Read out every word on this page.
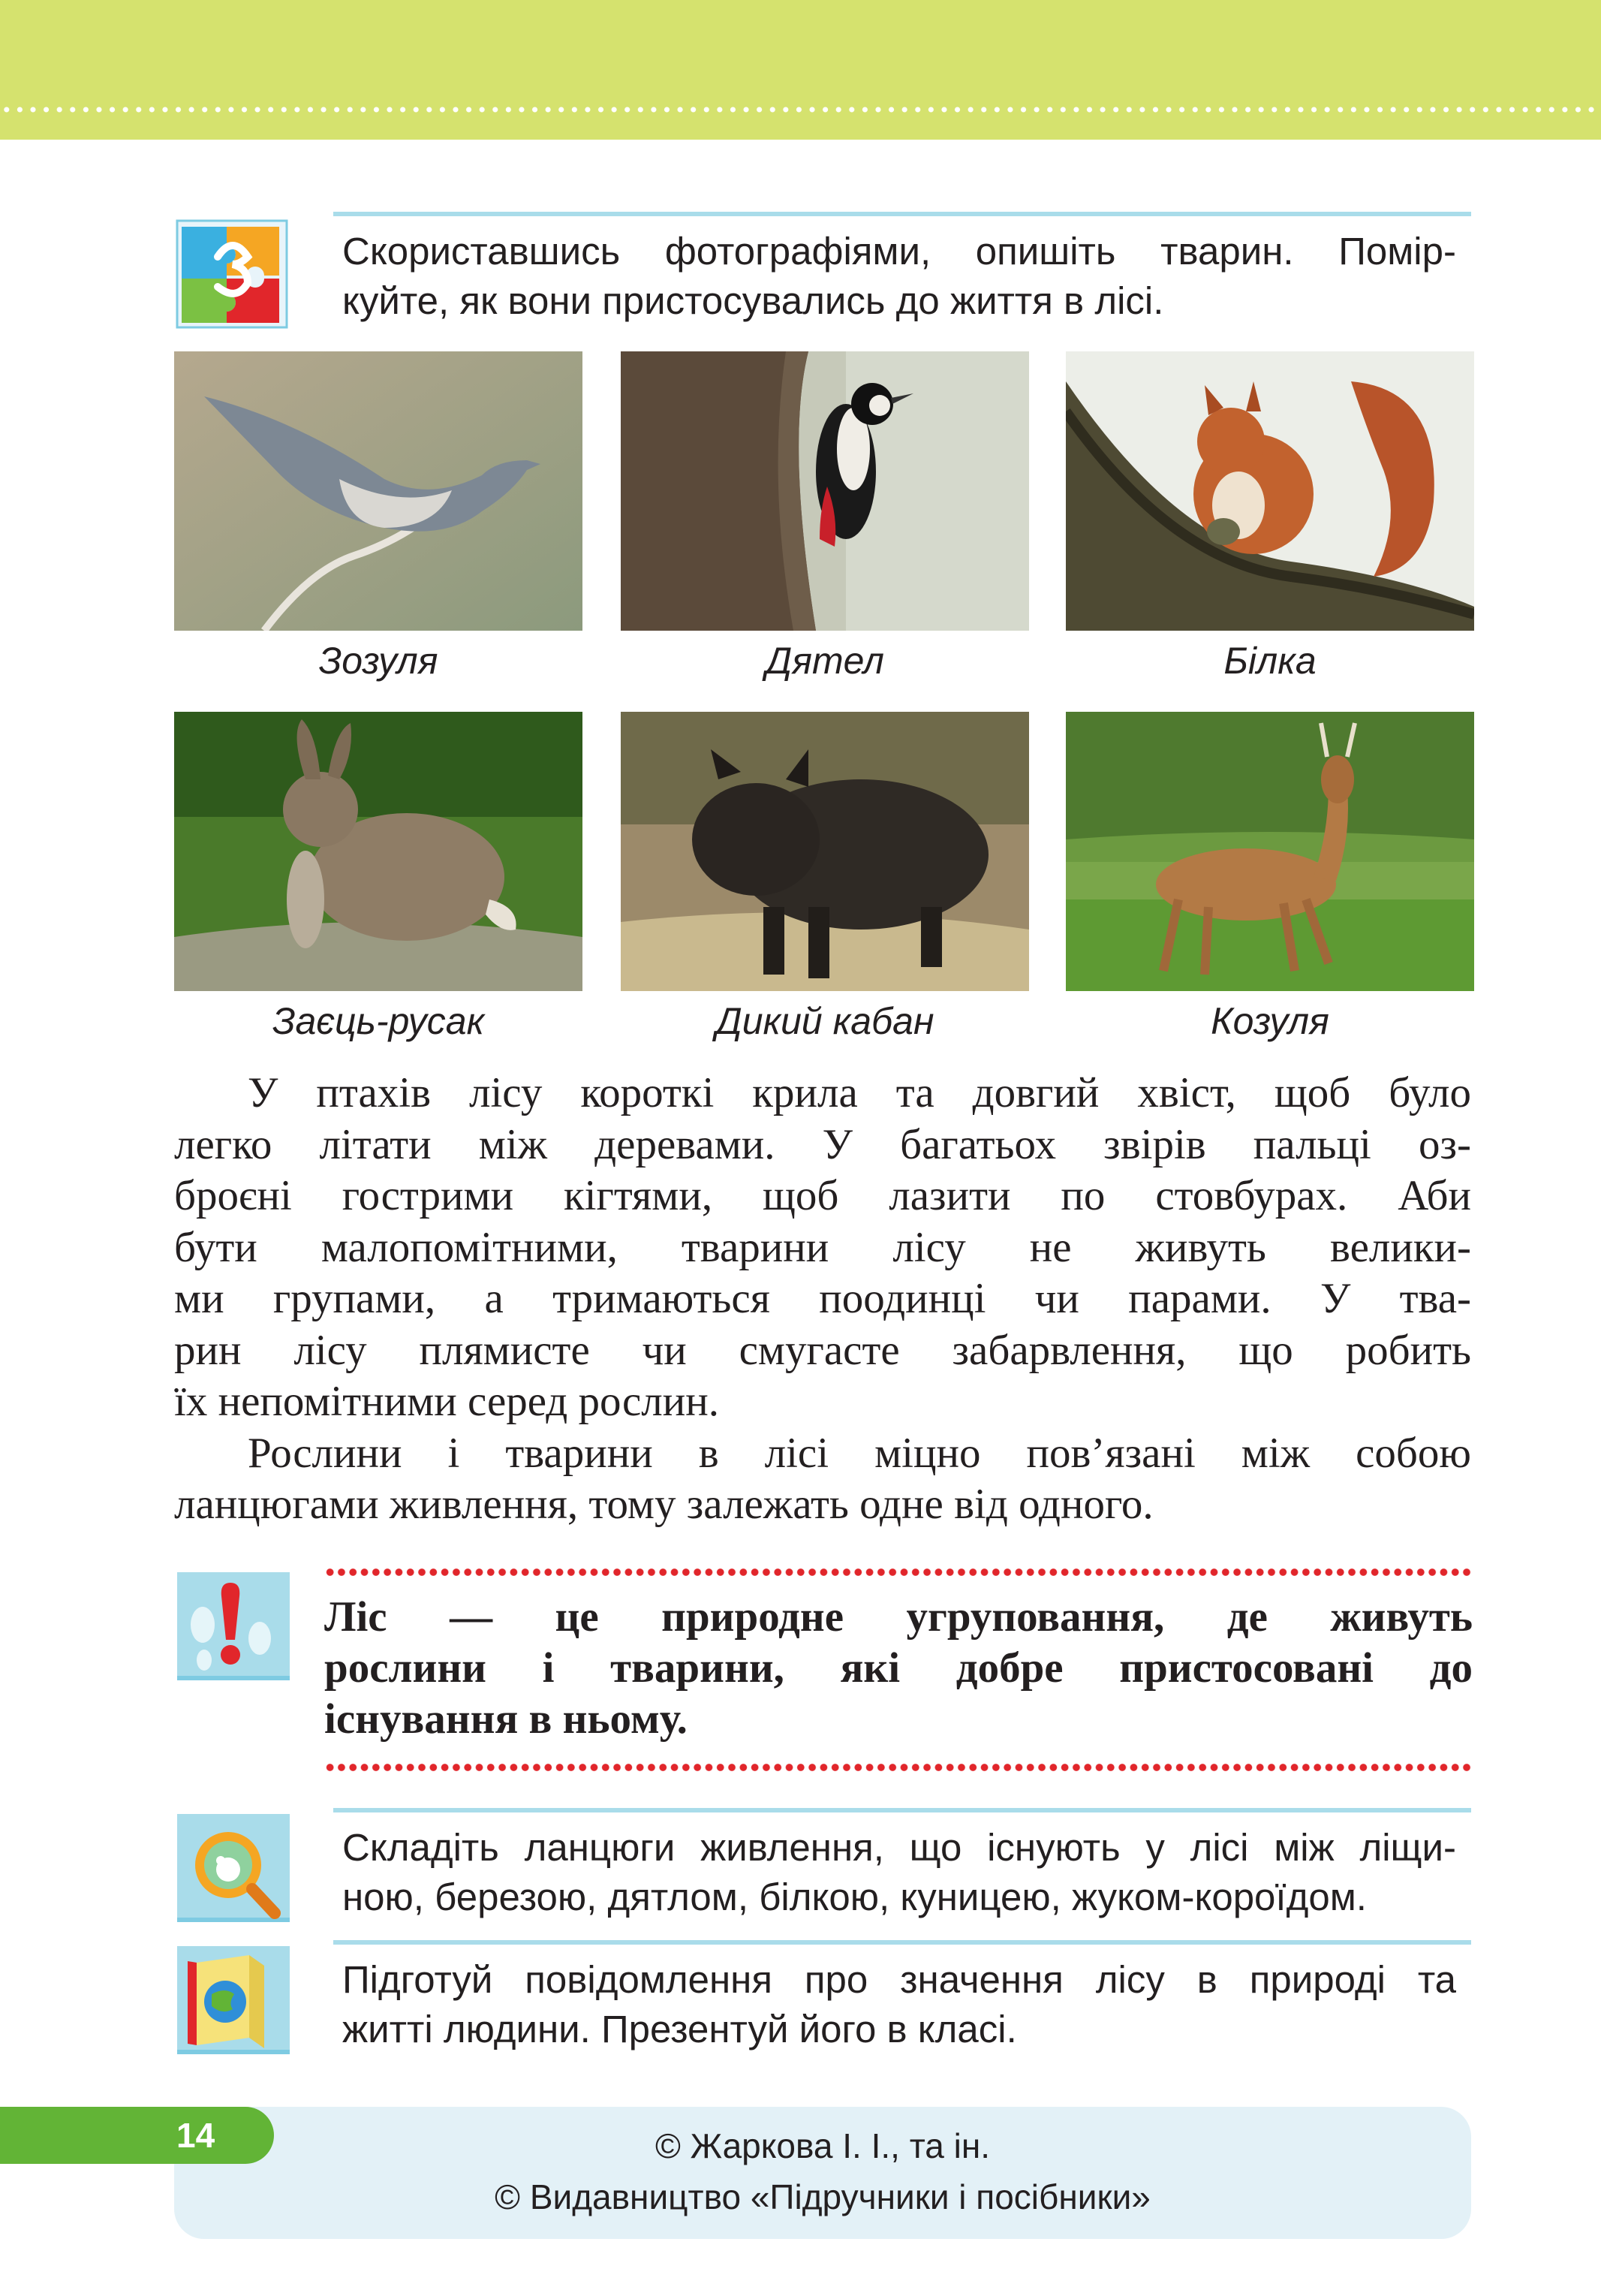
Скориставшись фотографіями, опишіть тварин. Помір-
куйте, як вони пристосувались до життя в лісі.
Зозуля	Дятел	Білка
Заєць-русак	Дикий кабан	Козуля

У птахів лісу короткі крила та довгий хвіст, щоб було
легко літати між деревами. У багатьох звірів пальці оз-
броєні гострими кігтями, щоб лазити по стовбурах. Аби
бути малопомітними, тварини лісу не живуть велики-
ми групами, а тримаються поодинці чи парами. У тва-
рин лісу плямисте чи смугасте забарвлення, що робить
їх непомітними серед рослин.

Рослини і тварини в лісі міцно пов’язані між собою
ланцюгами живлення, тому залежать одне від одного.

Ліс — це природне угруповання, де живуть
рослини і тварини, які добре пристосовані до
існування в ньому.
Складіть ланцюги живлення, що існують у лісі між ліщи-
ною, березою, дятлом, білкою, куницею, жуком-короїдом.
Підготуй повідомлення про значення лісу в природі та
житті людини. Презентуй його в класі.
14	© Жаркова І. І., та ін.
© Видавництво «Підручники і посібники»
